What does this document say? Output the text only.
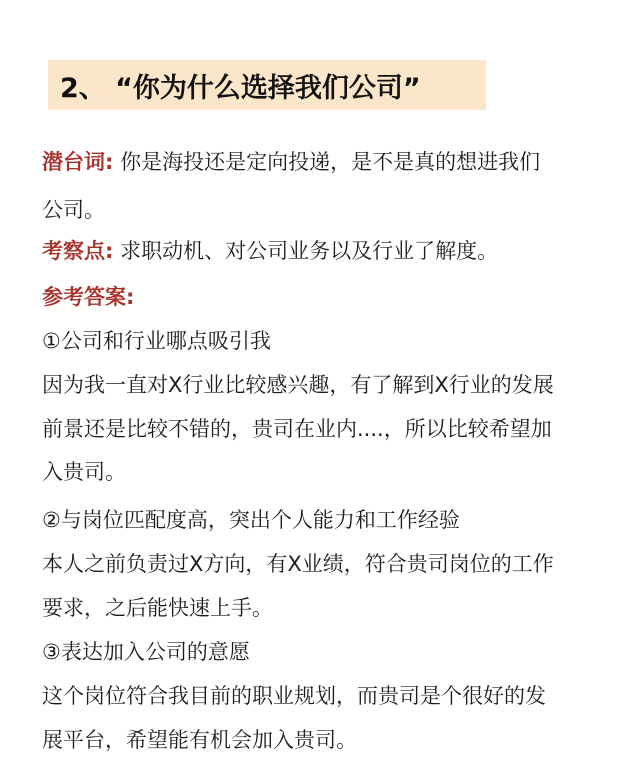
2、 “你为什么选择我们公司”
潜台词: 你是海投还是定向投递，是不是真的想进我们
公司。
考察点: 求职动机、对公司业务以及行业了解度。
参考答案:
①公司和行业哪点吸引我
因为我一直对X行业比较感兴趣，有了解到X行业的发展
前景还是比较不错的，贵司在业内....，所以比较希望加
入贵司。
②与岗位匹配度高，突出个人能力和工作经验
本人之前负责过X方向，有X业绩，符合贵司岗位的工作
要求，之后能快速上手。
③表达加入公司的意愿
这个岗位符合我目前的职业规划，而贵司是个很好的发
展平台，希望能有机会加入贵司。
